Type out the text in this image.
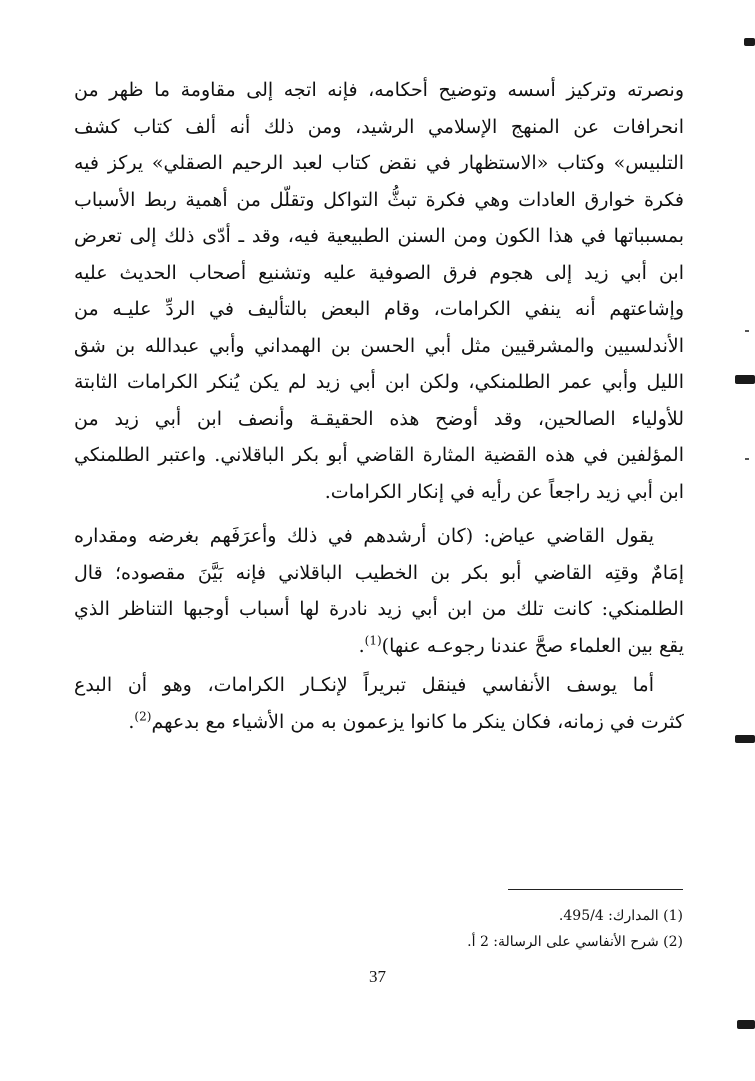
ونصرته وتركيز أسسه وتوضيح أحكامه، فإنه اتجه إلى مقاومة ما ظهر من
انحرافات عن المنهج الإسلامي الرشيد، ومن ذلك أنه ألف كتاب كشف
التلبيس» وكتاب «الاستظهار في نقض كتاب لعبد الرحيم الصقلي» يركز فيه
فكرة خوارق العادات وهي فكرة تبثُّ التواكل وتقلّل من أهمية ربط الأسباب
بمسبباتها في هذا الكون ومن السنن الطبيعية فيه، وقد ـ أدّى ذلك إلى تعرض
ابن أبي زيد إلى هجوم فرق الصوفية عليه وتشنيع أصحاب الحديث عليه
وإشاعتهم أنه ينفي الكرامات، وقام البعض بالتأليف في الردِّ عليـه من
الأندلسيين والمشرقيين مثل أبي الحسن بن الهمداني وأبي عبدالله بن شق
الليل وأبي عمر الطلمنكي، ولكن ابن أبي زيد لم يكن يُنكر الكرامات الثابتة
للأولياء الصالحين، وقد أوضح هذه الحقيقـة وأنصف ابن أبي زيد من
المؤلفين في هذه القضية المثارة القاضي أبو بكر الباقلاني. واعتبر الطلمنكي
ابن أبي زيد راجعاً عن رأيه في إنكار الكرامات.
يقول القاضي عياض: (كان أرشدهم في ذلك وأعرَفَهم بغرضه ومقداره
إمَامٌ وقتِه القاضي أبو بكر بن الخطيب الباقلاني فإنه بَيَّنَ مقصوده؛ قال
الطلمنكي: كانت تلك من ابن أبي زيد نادرة لها أسباب أوجبها التناظر الذي
يقع بين العلماء صحَّ عندنا رجوعـه عنها)$^{(1)}$.
أما يوسف الأنفاسي فينقل تبريراً لإنكـار الكرامات، وهو أن البدع
كثرت في زمانه، فكان ينكر ما كانوا يزعمون به من الأشياء مع بدعهم$^{(2)}$.
(1) المدارك: 495/4.
(2) شرح الأنفاسي على الرسالة: 2 أ.
37
